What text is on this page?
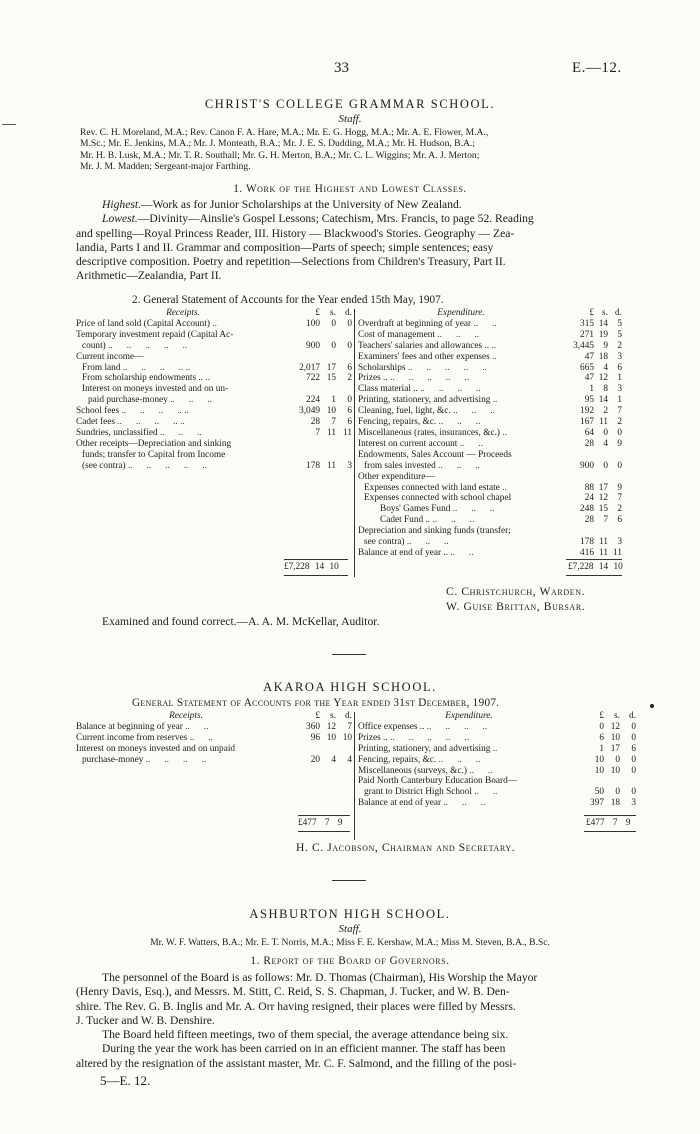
33	E.—12.
CHRIST'S COLLEGE GRAMMAR SCHOOL.
Staff.
Rev. C. H. Moreland, M.A.; Rev. Canon F. A. Hare, M.A.; Mr. E. G. Hogg, M.A.; Mr. A. E. Flower, M.A.,
M.Sc.; Mr. E. Jenkins, M.A.; Mr. J. Monteath, B.A.; Mr. J. E. S. Dudding, M.A.; Mr. H. Hudson, B.A.;
Mr. H. B. Lusk, M.A.; Mr. T. R. Southall; Mr. G. H. Merton, B.A.; Mr. C. L. Wiggins; Mr. A. J. Merton;
Mr. J. M. Madden; Sergeant-major Farthing.
1. Work of the Highest and Lowest Classes.
Highest.—Work as for Junior Scholarships at the University of New Zealand.
Lowest.—Divinity—Ainslie's Gospel Lessons; Catechism, Mrs. Francis, to page 52. Reading
and spelling—Royal Princess Reader, III. History — Blackwood's Stories. Geography — Zea-
landia, Parts I and II. Grammar and composition—Parts of speech; simple sentences; easy
descriptive composition. Poetry and repetition—Selections from Children's Treasury, Part II.
Arithmetic—Zealandia, Part II.
2. General Statement of Accounts for the Year ended 15th May, 1907.
Receipts.	£	s.	d.
Price of land sold (Capital Account) ..	100	0	0
Temporary investment repaid (Capital Ac-			
count) ..      ..      ..      ..      ..	900	0	0
Current income—			
From land ..      ..      ..      .. ..	2,017	17	6
From scholarship endowments .. ..	722	15	2
Interest on moneys invested and on un-			
paid purchase-money ..      ..      ..	224	1	0
School fees ..      ..      ..      .. ..	3,049	10	6
Cadet fees ..      ..      ..      .. ..	28	7	6
Sundries, unclassified ..      ..      ..	7	11	11
Other receipts—Depreciation and sinking			
funds; transfer to Capital from Income			
(see contra) ..      ..      ..      ..      ..	178	11	3
Expenditure.	£	s.	d.
Overdraft at beginning of year ..      ..	315	14	5
Cost of management ..      ..      ..	271	19	5
Teachers' salaries and allowances .. ..	3,445	9	2
Examiners' fees and other expenses ..	47	18	3
Scholarships ..      ..      ..      ..      ..	665	4	6
Prizes .. ..      ..      ..      ..      ..	47	12	1
Class material .. ..      ..      ..      ..	1	8	3
Printing, stationery, and advertising ..	95	14	1
Cleaning, fuel, light, &c. ..      ..      ..	192	2	7
Fencing, repairs, &c. ..      ..      ..	167	11	2
Miscellaneous (rates, insurances, &c.) ..	64	0	0
Interest on current account ..      ..	28	4	9
Endowments, Sales Account — Proceeds			
from sales invested ..      ..      ..	900	0	0
Other expenditure—			
Expenses connected with land estate ..	88	17	9
Expenses connected with school chapel	24	12	7
Boys' Games Fund ..      ..      ..	248	15	2
Cadet Fund .. ..      ..      ..	28	7	6
Depreciation and sinking funds (transfer;			
see contra) ..      ..      ..	178	11	3
Balance at end of year .. ..      ..	416	11	11
£7,228 14 10	£7,228 14 10
C. Christchurch, Warden.
W. Guise Brittan, Bursar.
Examined and found correct.—A. A. M. McKellar, Auditor.
AKAROA HIGH SCHOOL.
General Statement of Accounts for the Year ended 31st December, 1907.
Receipts.	£	s.	d.
Balance at beginning of year ..      ..	360	12	7
Current income from reserves ..      ..	96	10	10
Interest on moneys invested and on unpaid			
purchase-money ..      ..      ..      ..	20	4	4
Expenditure.	£	s.	d.
Office expenses .. ..      ..      ..      ..	0	12	0
Prizes .. ..      ..      ..      ..      ..	6	10	0
Printing, stationery, and advertising ..	1	17	6
Fencing, repairs, &c. ..      ..      ..	10	0	0
Miscellaneous (surveys, &c.) ..      ..	10	10	0
Paid North Canterbury Education Board—			
grant to District High School ..      ..	50	0	0
Balance at end of year ..      ..      ..	397	18	3
£477 7 9	£477 7 9
H. C. Jacobson, Chairman and Secretary.
ASHBURTON HIGH SCHOOL.
Staff.
Mr. W. F. Watters, B.A.; Mr. E. T. Norris, M.A.; Miss F. E. Kershaw, M.A.; Miss M. Steven, B.A., B.Sc.
1. Report of the Board of Governors.
The personnel of the Board is as follows: Mr. D. Thomas (Chairman), His Worship the Mayor
(Henry Davis, Esq.), and Messrs. M. Stitt, C. Reid, S. S. Chapman, J. Tucker, and W. B. Den-
shire. The Rev. G. B. Inglis and Mr. A. Orr having resigned, their places were filled by Messrs.
J. Tucker and W. B. Denshire.
The Board held fifteen meetings, two of them special, the average attendance being six.
During the year the work has been carried on in an efficient manner. The staff has been
altered by the resignation of the assistant master, Mr. C. F. Salmond, and the filling of the posi-
5—E. 12.
